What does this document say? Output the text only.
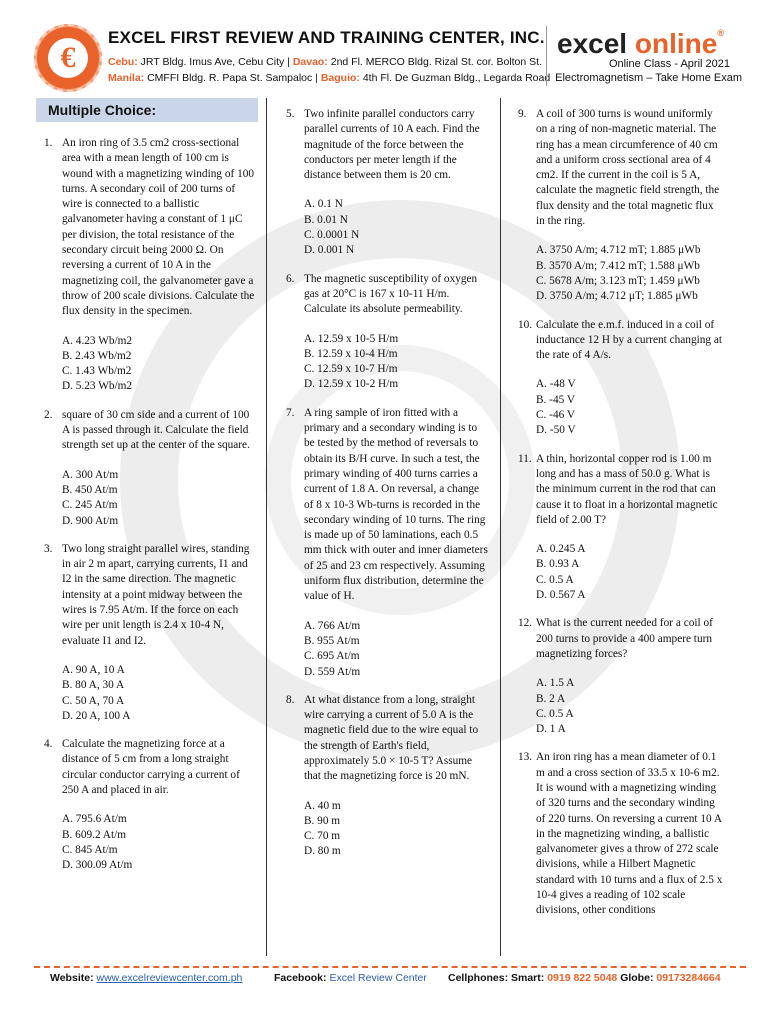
€
EXCEL FIRST REVIEW AND TRAINING CENTER, INC.
Cebu: JRT Bldg. Imus Ave, Cebu City | Davao: 2nd Fl. MERCO Bldg. Rizal St. cor. Bolton St.
Manila: CMFFI Bldg. R. Papa St. Sampaloc | Baguio: 4th Fl. De Guzman Bldg., Legarda Road
excel online®
Online Class - April 2021
Electromagnetism – Take Home Exam
Multiple Choice:
1. An iron ring of 3.5 cm2 cross-sectional area with a mean length of 100 cm is wound with a magnetizing winding of 100 turns. A secondary coil of 200 turns of wire is connected to a ballistic galvanometer having a constant of 1 μC per division, the total resistance of the secondary circuit being 2000 Ω. On reversing a current of 10 A in the magnetizing coil, the galvanometer gave a throw of 200 scale divisions. Calculate the flux density in the specimen.
A. 4.23 Wb/m2
B. 2.43 Wb/m2
C. 1.43 Wb/m2
D. 5.23 Wb/m2
2. square of 30 cm side and a current of 100 A is passed through it. Calculate the field strength set up at the center of the square.
A. 300 At/m
B. 450 At/m
C. 245 At/m
D. 900 At/m
3. Two long straight parallel wires, standing in air 2 m apart, carrying currents, I1 and I2 in the same direction. The magnetic intensity at a point midway between the wires is 7.95 At/m. If the force on each wire per unit length is 2.4 x 10-4 N, evaluate I1 and I2.
A. 90 A, 10 A
B. 80 A, 30 A
C. 50 A, 70 A
D. 20 A, 100 A
4. Calculate the magnetizing force at a distance of 5 cm from a long straight circular conductor carrying a current of 250 A and placed in air.
A. 795.6 At/m
B. 609.2 At/m
C. 845 At/m
D. 300.09 At/m
5. Two infinite parallel conductors carry parallel currents of 10 A each. Find the magnitude of the force between the conductors per meter length if the distance between them is 20 cm.
A. 0.1 N
B. 0.01 N
C. 0.0001 N
D. 0.001 N
6. The magnetic susceptibility of oxygen gas at 20°C is 167 x 10-11 H/m. Calculate its absolute permeability.
A. 12.59 x 10-5 H/m
B. 12.59 x 10-4 H/m
C. 12.59 x 10-7 H/m
D. 12.59 x 10-2 H/m
7. A ring sample of iron fitted with a primary and a secondary winding is to be tested by the method of reversals to obtain its B/H curve. In such a test, the primary winding of 400 turns carries a current of 1.8 A. On reversal, a change of 8 x 10-3 Wb-turns is recorded in the secondary winding of 10 turns. The ring is made up of 50 laminations, each 0.5 mm thick with outer and inner diameters of 25 and 23 cm respectively. Assuming uniform flux distribution, determine the value of H.
A. 766 At/m
B. 955 At/m
C. 695 At/m
D. 559 At/m
8. At what distance from a long, straight wire carrying a current of 5.0 A is the magnetic field due to the wire equal to the strength of Earth's field, approximately 5.0 × 10-5 T? Assume that the magnetizing force is 20 mN.
A. 40 m
B. 90 m
C. 70 m
D. 80 m
9. A coil of 300 turns is wound uniformly on a ring of non-magnetic material. The ring has a mean circumference of 40 cm and a uniform cross sectional area of 4 cm2. If the current in the coil is 5 A, calculate the magnetic field strength, the flux density and the total magnetic flux in the ring.
A. 3750 A/m; 4.712 mT; 1.885 μWb
B. 3570 A/m; 7.412 mT; 1.588 μWb
C. 5678 A/m; 3.123 mT; 1.459 μWb
D. 3750 A/m; 4.712 μT; 1.885 μWb
10. Calculate the e.m.f. induced in a coil of inductance 12 H by a current changing at the rate of 4 A/s.
A. -48 V
B. -45 V
C. -46 V
D. -50 V
11. A thin, horizontal copper rod is 1.00 m long and has a mass of 50.0 g. What is the minimum current in the rod that can cause it to float in a horizontal magnetic field of 2.00 T?
A. 0.245 A
B. 0.93 A
C. 0.5 A
D. 0.567 A
12. What is the current needed for a coil of 200 turns to provide a 400 ampere turn magnetizing forces?
A. 1.5 A
B. 2 A
C. 0.5 A
D. 1 A
13. An iron ring has a mean diameter of 0.1 m and a cross section of 33.5 x 10-6 m2. It is wound with a magnetizing winding of 320 turns and the secondary winding of 220 turns. On reversing a current 10 A in the magnetizing winding, a ballistic galvanometer gives a throw of 272 scale divisions, while a Hilbert Magnetic standard with 10 turns and a flux of 2.5 x 10-4 gives a reading of 102 scale divisions, other conditions
Website: www.excelreviewcenter.com.ph	Facebook: Excel Review Center Cellphones: Smart: 0919 822 5048 Globe: 09173284664
